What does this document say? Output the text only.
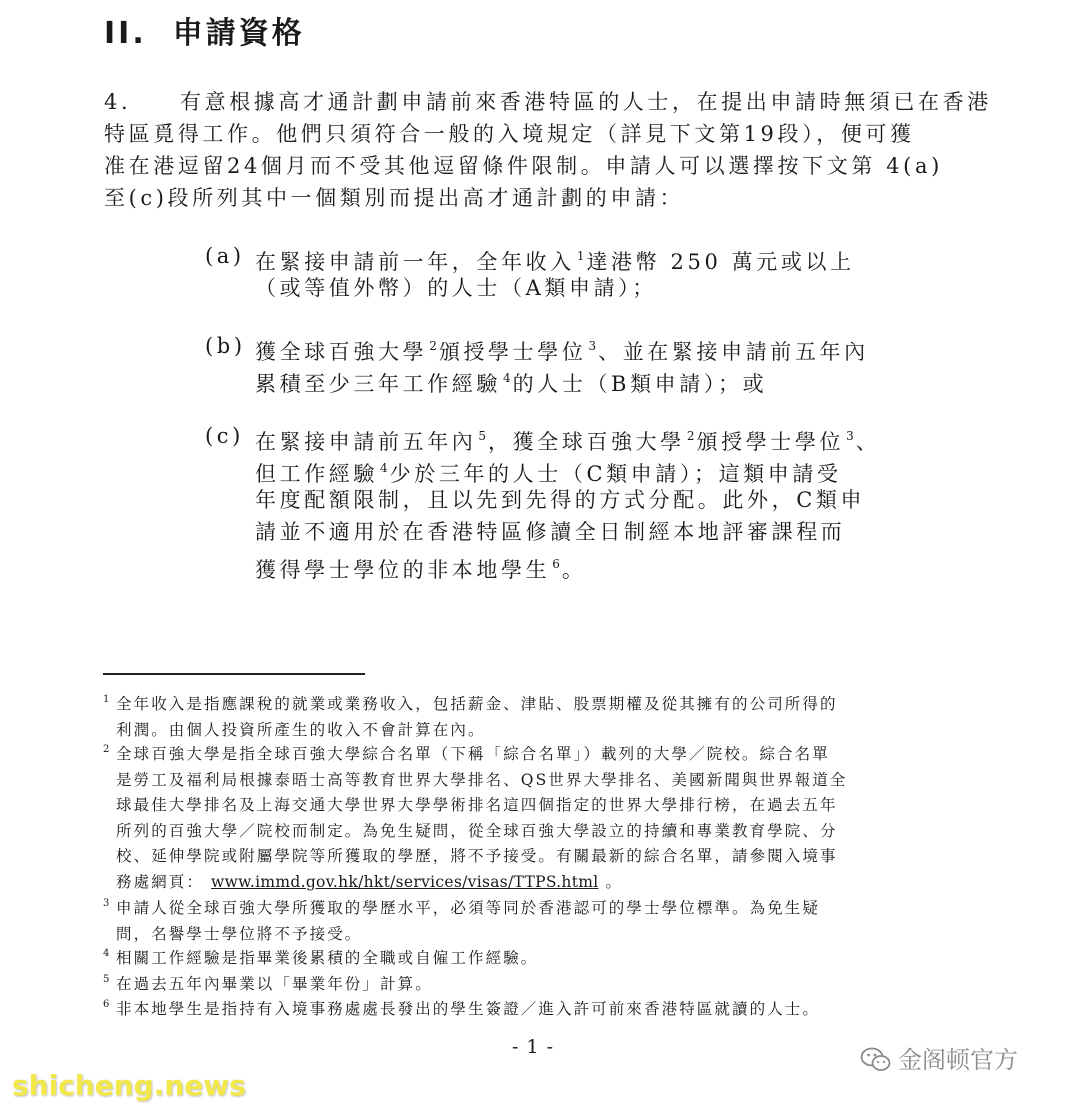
II. 申請資格
4. 有意根據高才通計劃申請前來香港特區的人士，在提出申請時無須已在香港
特區覓得工作。他們只須符合一般的入境規定（詳見下文第19段），便可獲
准在港逗留24個月而不受其他逗留條件限制。申請人可以選擇按下文第 4(a)
至(c)段所列其中一個類別而提出高才通計劃的申請：
(a) 在緊接申請前一年，全年收入 $^1$達港幣 250 萬元或以上
（或等值外幣）的人士（A類申請）；
(b) 獲全球百強大學 $^2$頒授學士學位 $^3$、並在緊接申請前五年內
累積至少三年工作經驗 $^4$的人士（B類申請）；或
(c) 在緊接申請前五年內 $^5$，獲全球百強大學 $^2$頒授學士學位 $^3$、
但工作經驗 $^4$少於三年的人士（C類申請）；這類申請受
年度配額限制，且以先到先得的方式分配。此外，C類申
請並不適用於在香港特區修讀全日制經本地評審課程而
獲得學士學位的非本地學生 $^6$。
1 全年收入是指應課稅的就業或業務收入，包括薪金、津貼、股票期權及從其擁有的公司所得的
利潤。由個人投資所產生的收入不會計算在內。
2 全球百強大學是指全球百強大學綜合名單（下稱「綜合名單」）載列的大學／院校。綜合名單
是勞工及福利局根據泰晤士高等教育世界大學排名、QS世界大學排名、美國新聞與世界報道全
球最佳大學排名及上海交通大學世界大學學術排名這四個指定的世界大學排行榜，在過去五年
所列的百強大學／院校而制定。為免生疑問，從全球百強大學設立的持續和專業教育學院、分
校、延伸學院或附屬學院等所獲取的學歷，將不予接受。有關最新的綜合名單，請參閱入境事
務處網頁： www.immd.gov.hk/hkt/services/visas/TTPS.html 。
3 申請人從全球百強大學所獲取的學歷水平，必須等同於香港認可的學士學位標準。為免生疑
問，名譽學士學位將不予接受。
4 相關工作經驗是指畢業後累積的全職或自僱工作經驗。
5 在過去五年內畢業以「畢業年份」計算。
6 非本地學生是指持有入境事務處處長發出的學生簽證／進入許可前來香港特區就讀的人士。
- 1 -
shicheng.news
金阁顿官方
